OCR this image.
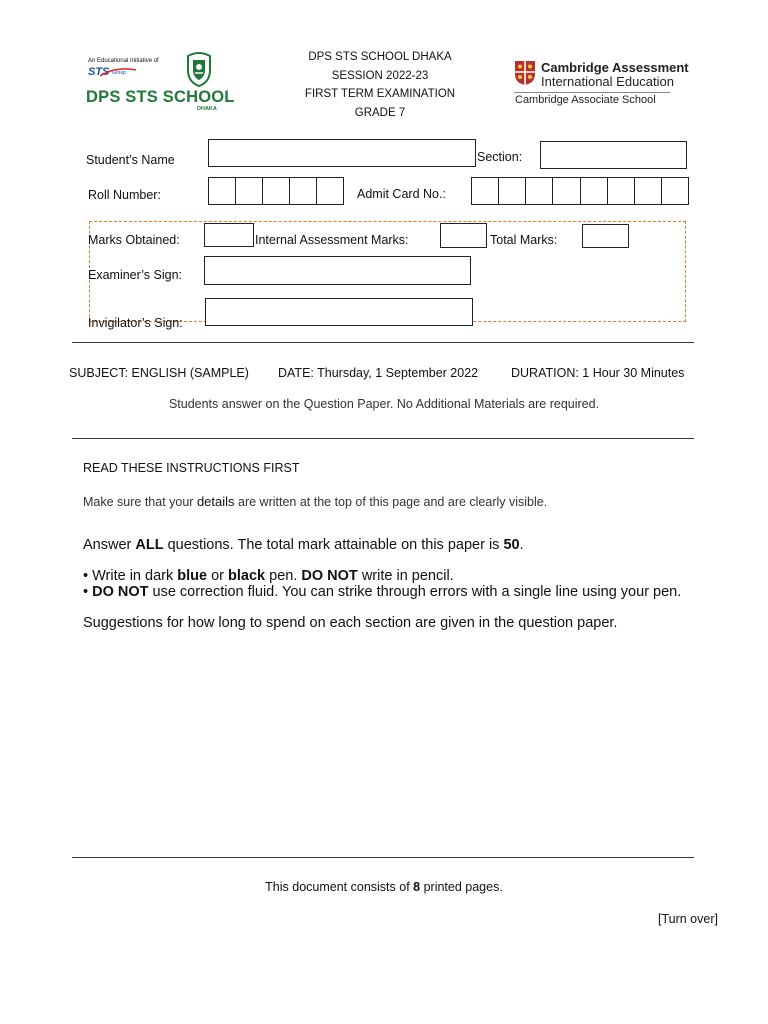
An Educational Initiative of
STS Group
DPS STS SCHOOL
DHAKA
DPS STS SCHOOL DHAKA
SESSION 2022-23
FIRST TERM EXAMINATION
GRADE 7
Cambridge Assessment
International Education
Cambridge Associate School
Student’s Name	Section:
Roll Number:	Admit Card No.:
Marks Obtained:	Internal Assessment Marks:	Total Marks:
Examiner’s Sign:
Invigilator’s Sign:
SUBJECT: ENGLISH (SAMPLE) DATE: Thursday, 1 September 2022	DURATION: 1 Hour 30 Minutes
Students answer on the Question Paper. No Additional Materials are required.
READ THESE INSTRUCTIONS FIRST
Make sure that your details are written at the top of this page and are clearly visible.
Answer ALL questions. The total mark attainable on this paper is 50.
• Write in dark blue or black pen. DO NOT write in pencil.
• DO NOT use correction fluid. You can strike through errors with a single line using your pen.
Suggestions for how long to spend on each section are given in the question paper.
This document consists of 8 printed pages.
[Turn over]
